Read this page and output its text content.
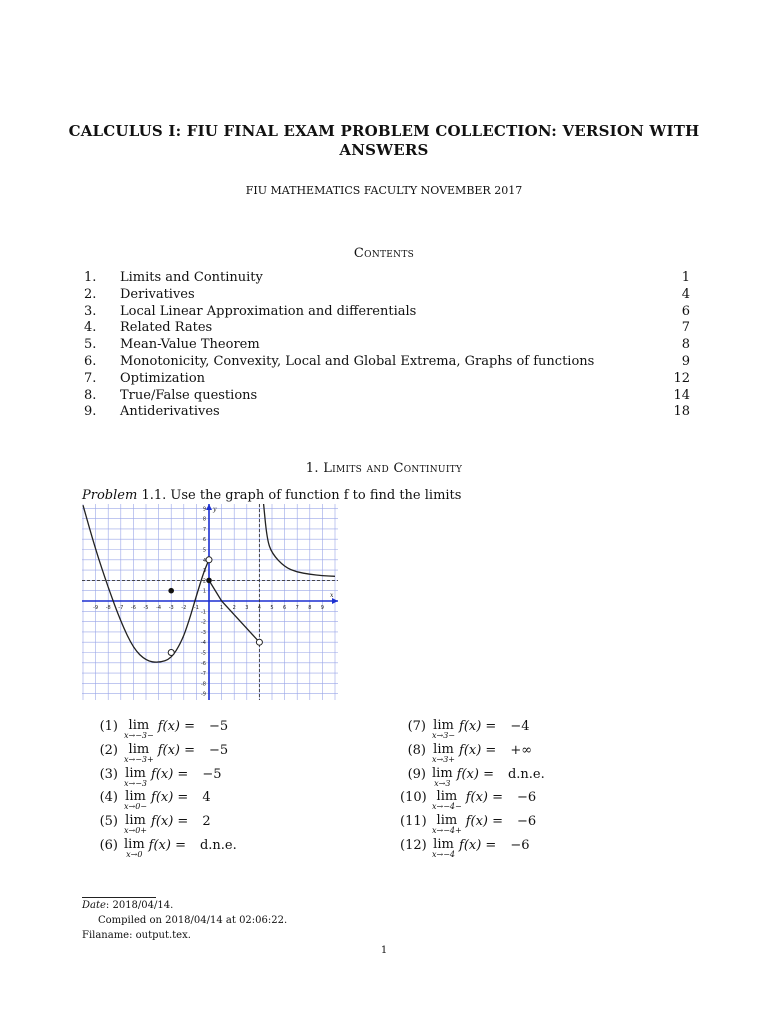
CALCULUS I: FIU FINAL EXAM PROBLEM COLLECTION: VERSION WITH
ANSWERS
FIU MATHEMATICS FACULTY NOVEMBER 2017
Contents
1.	Limits and Continuity	1
2.	Derivatives	4
3.	Local Linear Approximation and differentials	6
4.	Related Rates	7
5.	Mean-Value Theorem	8
6.	Monotonicity, Convexity, Local and Global Extrema, Graphs of functions	9
7.	Optimization	12
8.	True/False questions	14
9.	Antiderivatives	18
1. Limits and Continuity
Problem 1.1. Use the graph of function f to find the limits
-9 -8 -7 -6 -5 -4 -3 -2 -1	1 2 3 4 5 6 7 8 9
9
8
7
6
5
4
3
2
1
-1
-2
-3
-4
-5
-6
-7
-8
-9
x
y
(1) lim
x→−3−
f(x) = −5
(2) lim
x→−3+
f(x) = −5
(3) lim
x→−3
f(x) = −5
(4) lim
x→0−
f(x) = 4
(5) lim
x→0+
f(x) = 2
(6) lim
x→0
f(x) = d.n.e.
(7) lim
x→3−
f(x) = −4
(8) lim
x→3+
f(x) = +∞
(9) lim
x→3
f(x) = d.n.e.
(10) lim
x→−4−
f(x) = −6
(11) lim
x→−4+
f(x) = −6
(12) lim
x→−4
f(x) = −6
Date: 2018/04/14.
Compiled on 2018/04/14 at 02:06:22.
Filaname: output.tex.
1
